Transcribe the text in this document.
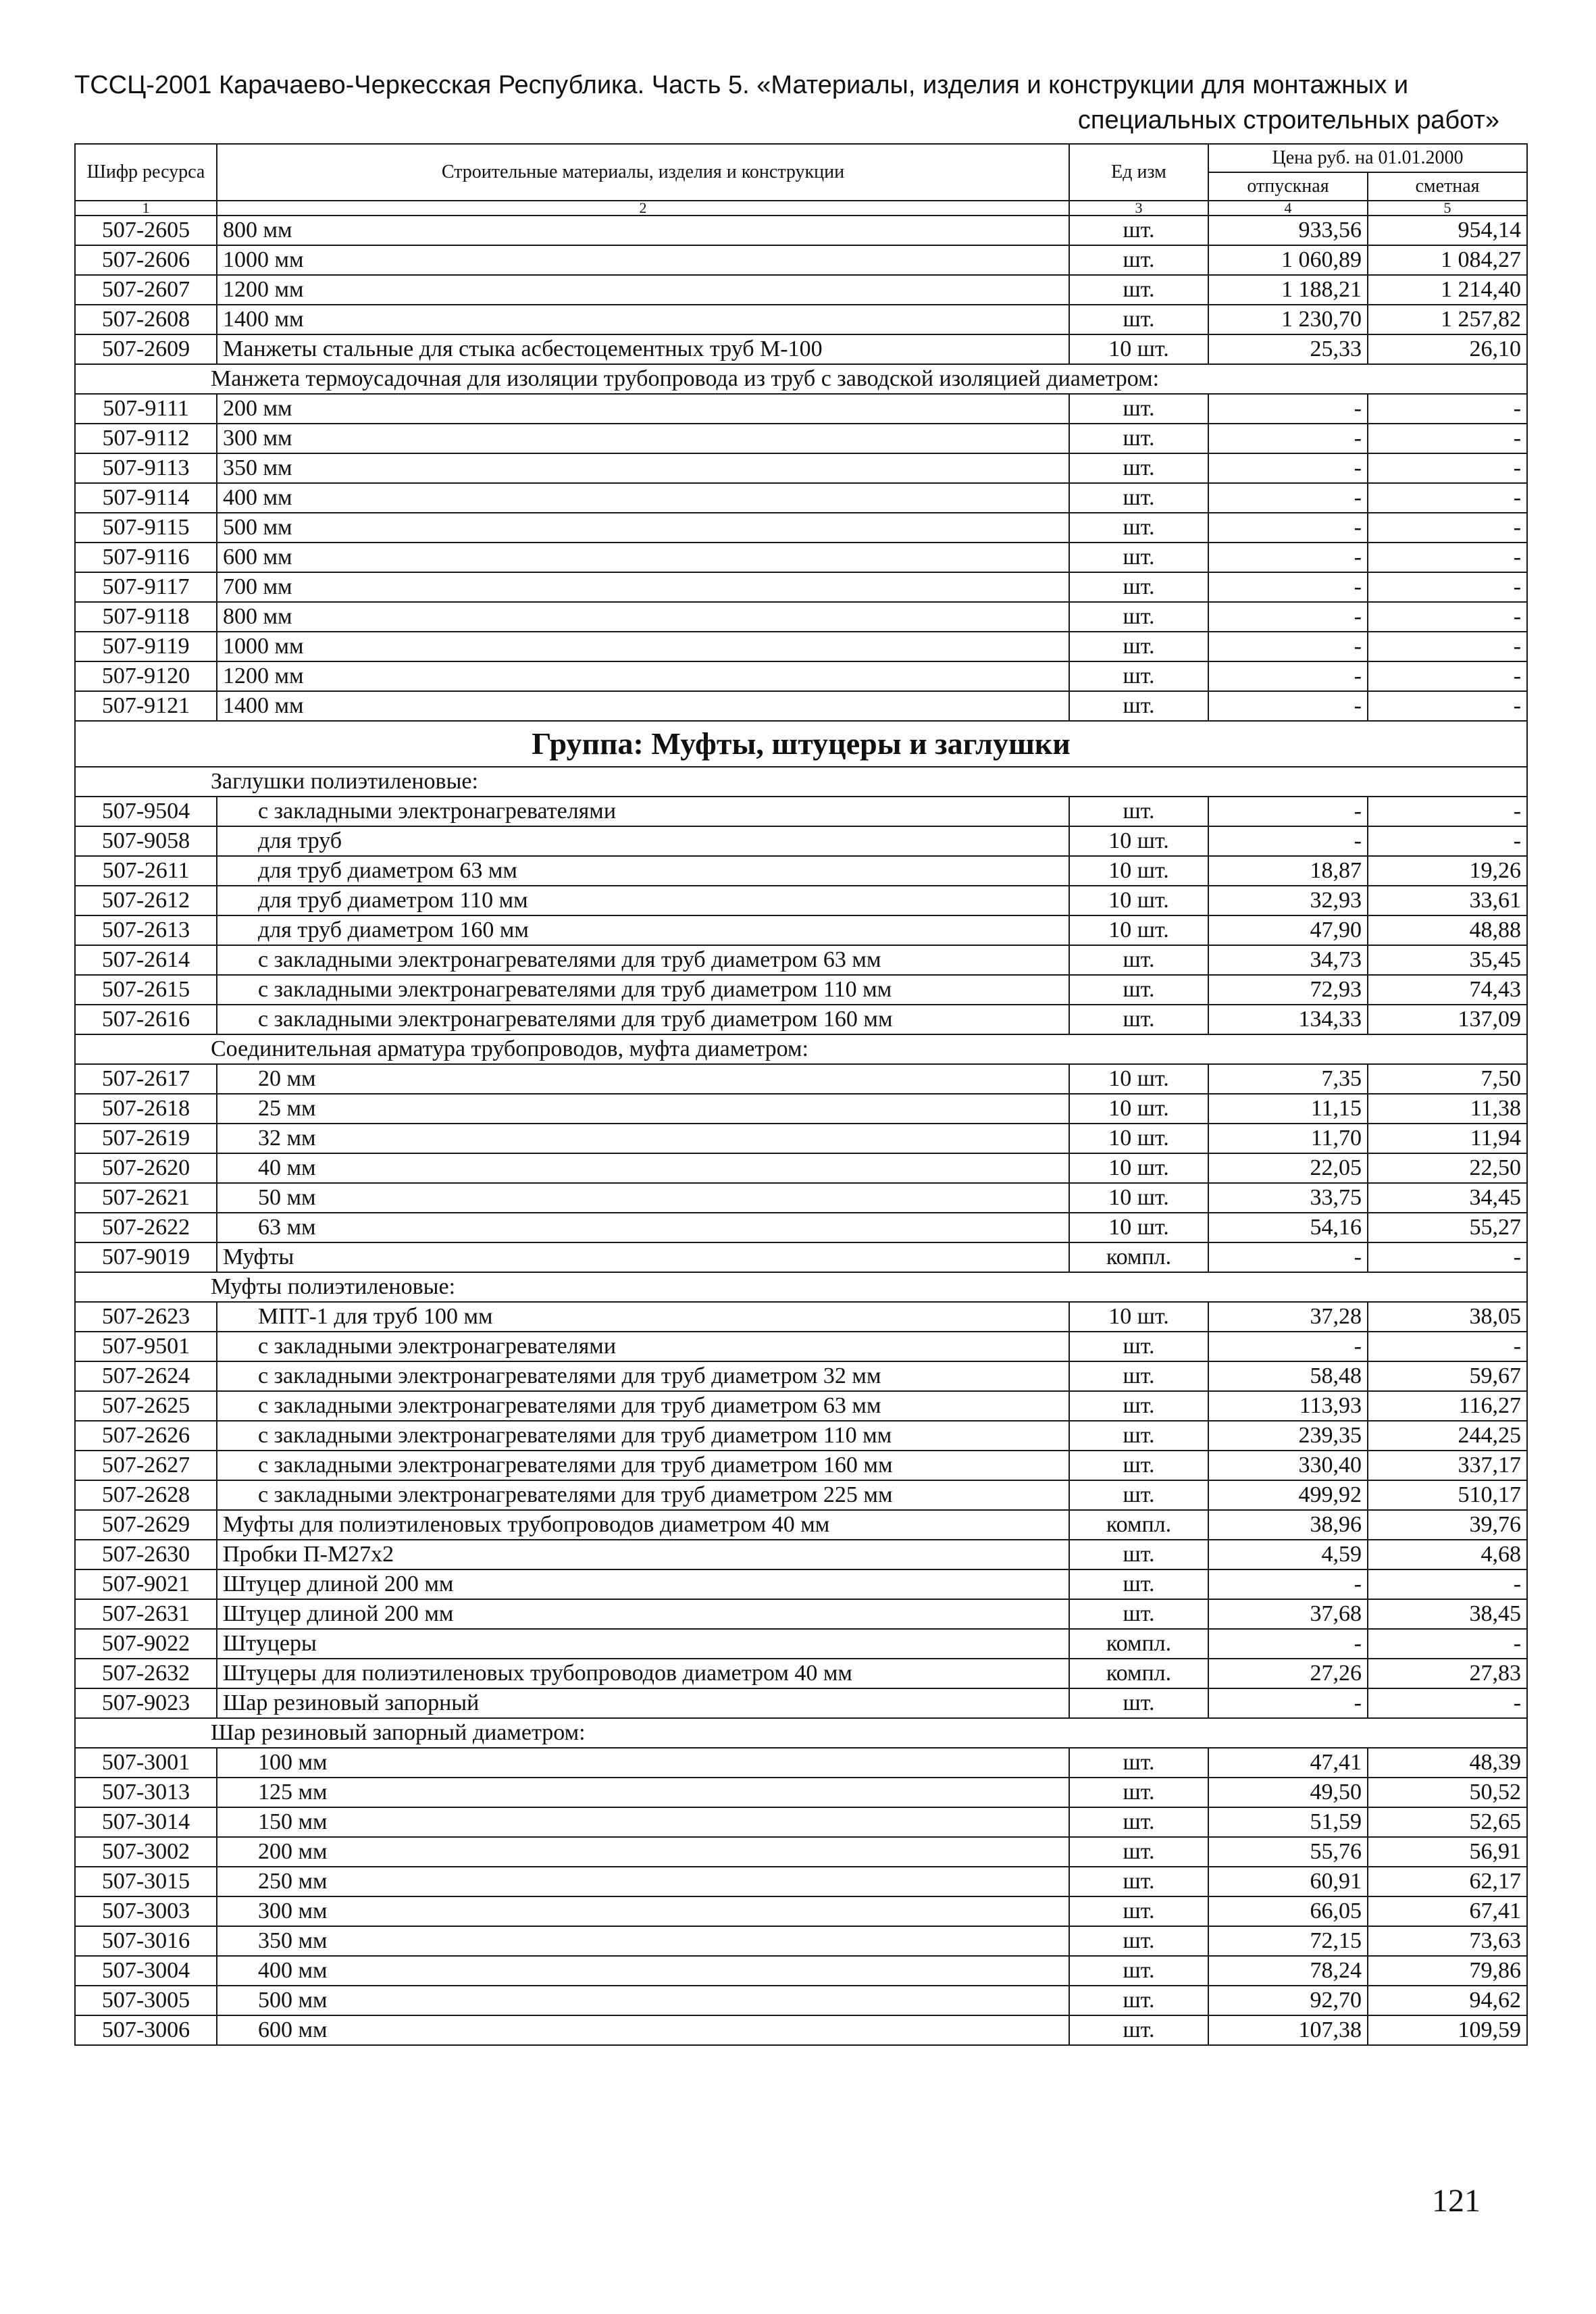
ТССЦ-2001 Карачаево-Черкесская Республика. Часть 5. «Материалы, изделия и конструкции для монтажных и
специальных строительных работ»
Шифр ресурса	Строительные материалы, изделия и конструкции	Ед изм	Цена руб. на 01.01.2000	
			отпускная	сметная
1	2	3	4	5
507-2605	800 мм	шт.	933,56	954,14
507-2606	1000 мм	шт.	1 060,89	1 084,27
507-2607	1200 мм	шт.	1 188,21	1 214,40
507-2608	1400 мм	шт.	1 230,70	1 257,82
507-2609	Манжеты стальные для стыка асбестоцементных труб М-100	10 шт.	25,33	26,10
Манжета термоусадочная для изоляции трубопровода из труб с заводской изоляцией диаметром:				
507-9111	200 мм	шт.	-	-
507-9112	300 мм	шт.	-	-
507-9113	350 мм	шт.	-	-
507-9114	400 мм	шт.	-	-
507-9115	500 мм	шт.	-	-
507-9116	600 мм	шт.	-	-
507-9117	700 мм	шт.	-	-
507-9118	800 мм	шт.	-	-
507-9119	1000 мм	шт.	-	-
507-9120	1200 мм	шт.	-	-
507-9121	1400 мм	шт.	-	-
Группа: Муфты, штуцеры и заглушки				
Заглушки полиэтиленовые:				
507-9504	с закладными электронагревателями	шт.	-	-
507-9058	для труб	10 шт.	-	-
507-2611	для труб диаметром 63 мм	10 шт.	18,87	19,26
507-2612	для труб диаметром 110 мм	10 шт.	32,93	33,61
507-2613	для труб диаметром 160 мм	10 шт.	47,90	48,88
507-2614	с закладными электронагревателями для труб диаметром 63 мм	шт.	34,73	35,45
507-2615	с закладными электронагревателями для труб диаметром 110 мм	шт.	72,93	74,43
507-2616	с закладными электронагревателями для труб диаметром 160 мм	шт.	134,33	137,09
Соединительная арматура трубопроводов, муфта диаметром:				
507-2617	20 мм	10 шт.	7,35	7,50
507-2618	25 мм	10 шт.	11,15	11,38
507-2619	32 мм	10 шт.	11,70	11,94
507-2620	40 мм	10 шт.	22,05	22,50
507-2621	50 мм	10 шт.	33,75	34,45
507-2622	63 мм	10 шт.	54,16	55,27
507-9019	Муфты	компл.	-	-
Муфты полиэтиленовые:				
507-2623	МПТ-1 для труб 100 мм	10 шт.	37,28	38,05
507-9501	с закладными электронагревателями	шт.	-	-
507-2624	с закладными электронагревателями для труб диаметром 32 мм	шт.	58,48	59,67
507-2625	с закладными электронагревателями для труб диаметром 63 мм	шт.	113,93	116,27
507-2626	с закладными электронагревателями для труб диаметром 110 мм	шт.	239,35	244,25
507-2627	с закладными электронагревателями для труб диаметром 160 мм	шт.	330,40	337,17
507-2628	с закладными электронагревателями для труб диаметром 225 мм	шт.	499,92	510,17
507-2629	Муфты для полиэтиленовых трубопроводов диаметром 40 мм	компл.	38,96	39,76
507-2630	Пробки П-М27х2	шт.	4,59	4,68
507-9021	Штуцер длиной 200 мм	шт.	-	-
507-2631	Штуцер длиной 200 мм	шт.	37,68	38,45
507-9022	Штуцеры	компл.	-	-
507-2632	Штуцеры для полиэтиленовых трубопроводов диаметром 40 мм	компл.	27,26	27,83
507-9023	Шар резиновый запорный	шт.	-	-
Шар резиновый запорный диаметром:				
507-3001	100 мм	шт.	47,41	48,39
507-3013	125 мм	шт.	49,50	50,52
507-3014	150 мм	шт.	51,59	52,65
507-3002	200 мм	шт.	55,76	56,91
507-3015	250 мм	шт.	60,91	62,17
507-3003	300 мм	шт.	66,05	67,41
507-3016	350 мм	шт.	72,15	73,63
507-3004	400 мм	шт.	78,24	79,86
507-3005	500 мм	шт.	92,70	94,62
507-3006	600 мм	шт.	107,38	109,59
121
